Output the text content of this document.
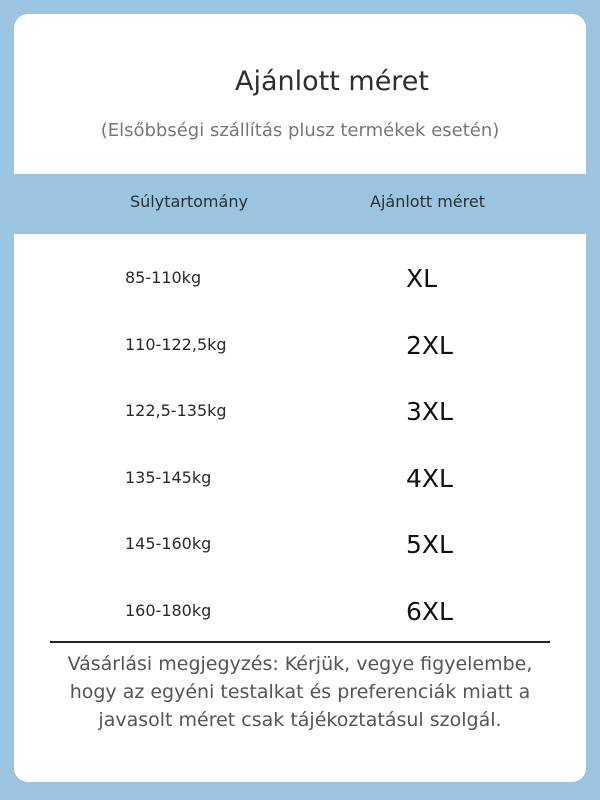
Ajánlott méret
(Elsőbbségi szállítás plusz termékek esetén)
Súlytartomány	Ajánlott méret
85-110kg	XL
110-122,5kg	2XL
122,5-135kg	3XL
135-145kg	4XL
145-160kg	5XL
160-180kg	6XL
Vásárlási megjegyzés: Kérjük, vegye figyelembe,
hogy az egyéni testalkat és preferenciák miatt a
javasolt méret csak tájékoztatásul szolgál.
